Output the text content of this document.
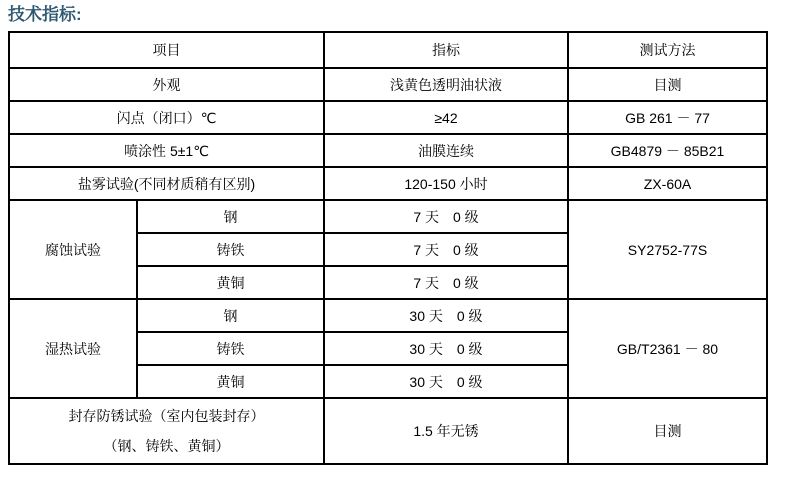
技术指标:
项目		指标	测试方法
外观		浅黄色透明油状液	目测
闪点（闭口）℃		≥42	GB 261 － 77
喷涂性 5±1℃		油膜连续	GB4879 － 85B21
盐雾试验(不同材质稍有区别)		120-150 小时	ZX-60A
腐蚀试验	钢	7 天　0 级	SY2752-77S
	铸铁	7 天　0 级	
	黄铜	7 天　0 级	
湿热试验	钢	30 天　0 级	GB/T2361 － 80
	铸铁	30 天　0 级	
	黄铜	30 天　0 级	

封存防锈试验（室内包装封存）
（钢、铸铁、黄铜）		1.5 年无锈	目测
